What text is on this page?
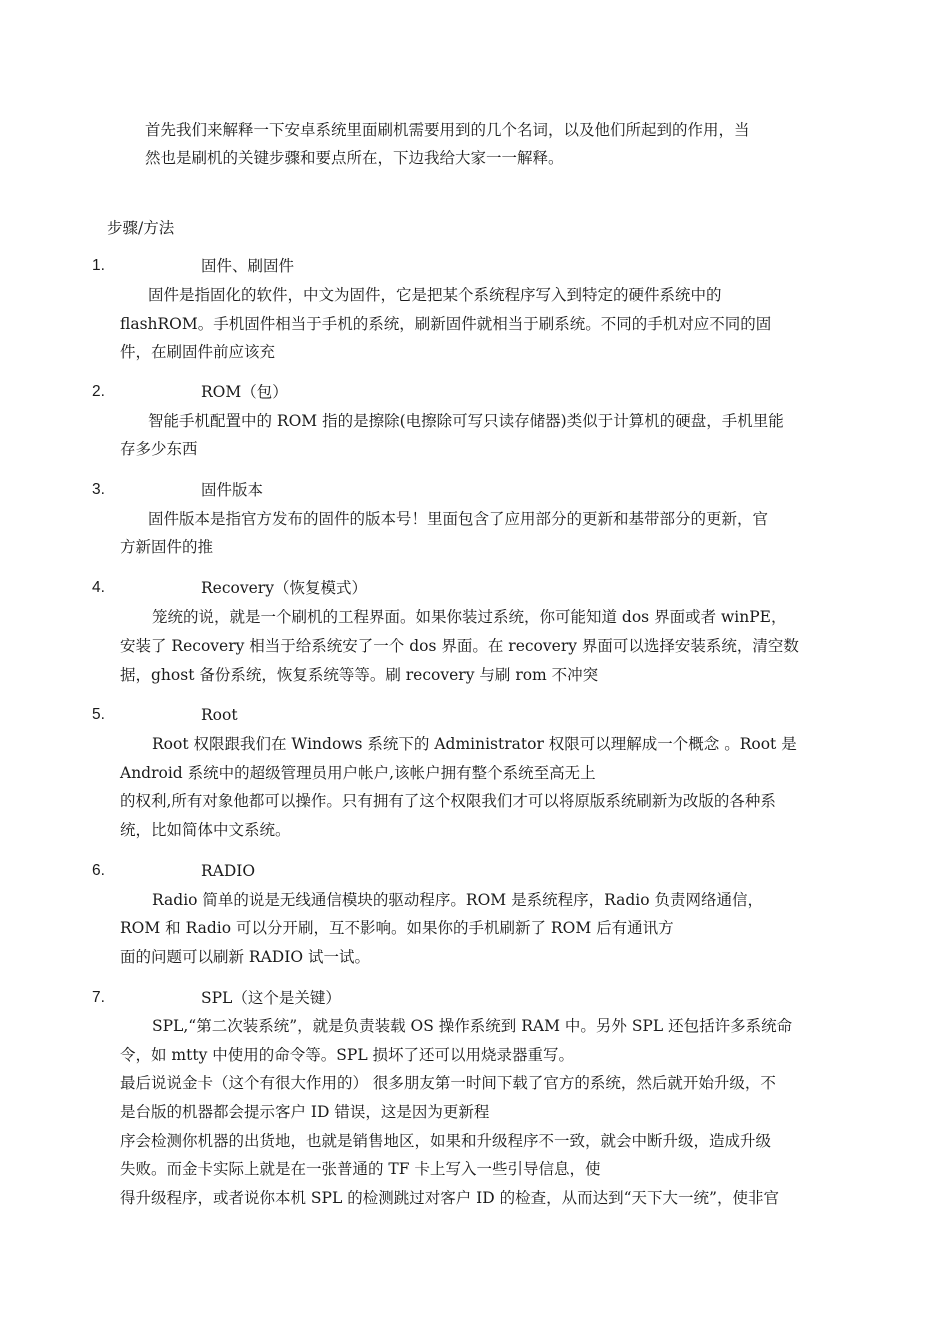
首先我们来解释一下安卓系统里面刷机需要用到的几个名词，以及他们所起到的作用，当
然也是刷机的关键步骤和要点所在，下边我给大家一一解释。
步骤/方法
1.	固件、刷固件
固件是指固化的软件，中文为固件，它是把某个系统程序写入到特定的硬件系统中的
flashROM。手机固件相当于手机的系统，刷新固件就相当于刷系统。不同的手机对应不同的固
件，在刷固件前应该充
2.	ROM（包）
智能手机配置中的 ROM 指的是擦除(电擦除可写只读存储器)类似于计算机的硬盘，手机里能
存多少东西
3.	固件版本
固件版本是指官方发布的固件的版本号！里面包含了应用部分的更新和基带部分的更新，官
方新固件的推
4.	Recovery（恢复模式）
笼统的说，就是一个刷机的工程界面。如果你装过系统，你可能知道 dos 界面或者 winPE，
安装了 Recovery 相当于给系统安了一个 dos 界面。在 recovery 界面可以选择安装系统，清空数
据，ghost 备份系统，恢复系统等等。刷 recovery 与刷 rom 不冲突
5.	Root
Root 权限跟我们在 Windows 系统下的 Administrator 权限可以理解成一个概念 。Root 是
Android 系统中的超级管理员用户帐户,该帐户拥有整个系统至高无上
的权利,所有对象他都可以操作。只有拥有了这个权限我们才可以将原版系统刷新为改版的各种系
统，比如简体中文系统。
6.	RADIO
Radio 简单的说是无线通信模块的驱动程序。ROM 是系统程序，Radio 负责网络通信，
ROM 和 Radio 可以分开刷，互不影响。如果你的手机刷新了 ROM 后有通讯方
面的问题可以刷新 RADIO 试一试。
7.	SPL（这个是关键）
SPL,“第二次装系统”，就是负责装载 OS 操作系统到 RAM 中。另外 SPL 还包括许多系统命
令，如 mtty 中使用的命令等。SPL 损坏了还可以用烧录器重写。
最后说说金卡（这个有很大作用的） 很多朋友第一时间下载了官方的系统，然后就开始升级，不
是台版的机器都会提示客户 ID 错误，这是因为更新程
序会检测你机器的出货地，也就是销售地区，如果和升级程序不一致，就会中断升级，造成升级
失败。而金卡实际上就是在一张普通的 TF 卡上写入一些引导信息，使
得升级程序，或者说你本机 SPL 的检测跳过对客户 ID 的检查，从而达到“天下大一统”，使非官
